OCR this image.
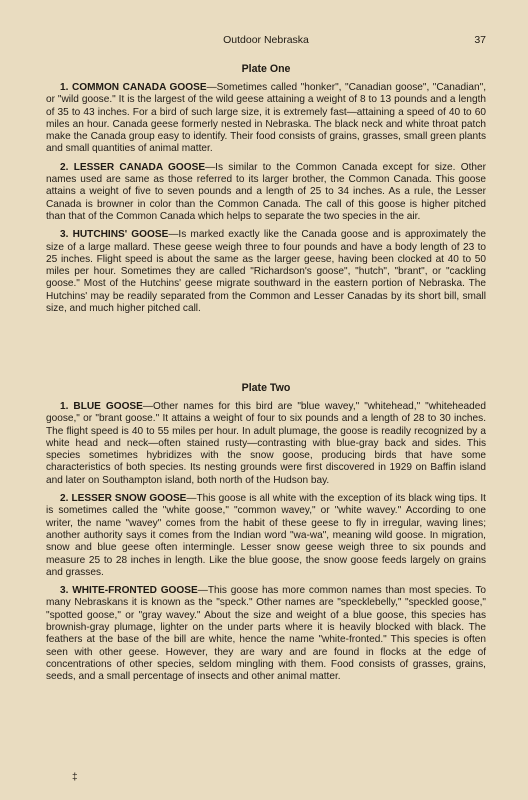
Outdoor Nebraska	37
Plate One

1. COMMON CANADA GOOSE—Sometimes called "honker", "Canadian goose", "Canadian", or "wild goose." It is the largest of the wild geese attaining a weight of 8 to 13 pounds and a length of 35 to 43 inches. For a bird of such large size, it is extremely fast—attaining a speed of 40 to 60 miles an hour. Canada geese formerly nested in Nebraska. The black neck and white throat patch make the Canada group easy to identify. Their food consists of grains, grasses, small green plants and small quantities of animal matter.

2. LESSER CANADA GOOSE—Is similar to the Common Canada except for size. Other names used are same as those referred to its larger brother, the Common Canada. This goose attains a weight of five to seven pounds and a length of 25 to 34 inches. As a rule, the Lesser Canada is browner in color than the Common Canada. The call of this goose is higher pitched than that of the Common Canada which helps to separate the two species in the air.

3. HUTCHINS' GOOSE—Is marked exactly like the Canada goose and is approximately the size of a large mallard. These geese weigh three to four pounds and have a body length of 23 to 25 inches. Flight speed is about the same as the larger geese, having been clocked at 40 to 50 miles per hour. Sometimes they are called "Richardson's goose", "hutch", "brant", or "cackling goose." Most of the Hutchins' geese migrate southward in the eastern portion of Nebraska. The Hutchins' may be readily separated from the Common and Lesser Canadas by its short bill, small size, and much higher pitched call.

Plate Two

1. BLUE GOOSE—Other names for this bird are "blue wavey," "whitehead," "whiteheaded goose," or "brant goose." It attains a weight of four to six pounds and a length of 28 to 30 inches. The flight speed is 40 to 55 miles per hour. In adult plumage, the goose is readily recognized by a white head and neck—often stained rusty—contrasting with blue-gray back and sides. This species sometimes hybridizes with the snow goose, producing birds that have some characteristics of both species. Its nesting grounds were first discovered in 1929 on Baffin island and later on Southampton island, both north of the Hudson bay.

2. LESSER SNOW GOOSE—This goose is all white with the exception of its black wing tips. It is sometimes called the "white goose," "common wavey," or "white wavey." According to one writer, the name "wavey" comes from the habit of these geese to fly in irregular, waving lines; another authority says it comes from the Indian word "wa-wa", meaning wild goose. In migration, snow and blue geese often intermingle. Lesser snow geese weigh three to six pounds and measure 25 to 28 inches in length. Like the blue goose, the snow goose feeds largely on grains and grasses.

3. WHITE-FRONTED GOOSE—This goose has more common names than most species. To many Nebraskans it is known as the "speck." Other names are "specklebelly," "speckled goose," "spotted goose," or "gray wavey." About the size and weight of a blue goose, this species has brownish-gray plumage, lighter on the under parts where it is heavily blocked with black. The feathers at the base of the bill are white, hence the name "white-fronted." This species is often seen with other geese. However, they are wary and are found in flocks at the edge of concentrations of other species, seldom mingling with them. Food consists of grasses, grains, seeds, and a small percentage of insects and other animal matter.

‡
